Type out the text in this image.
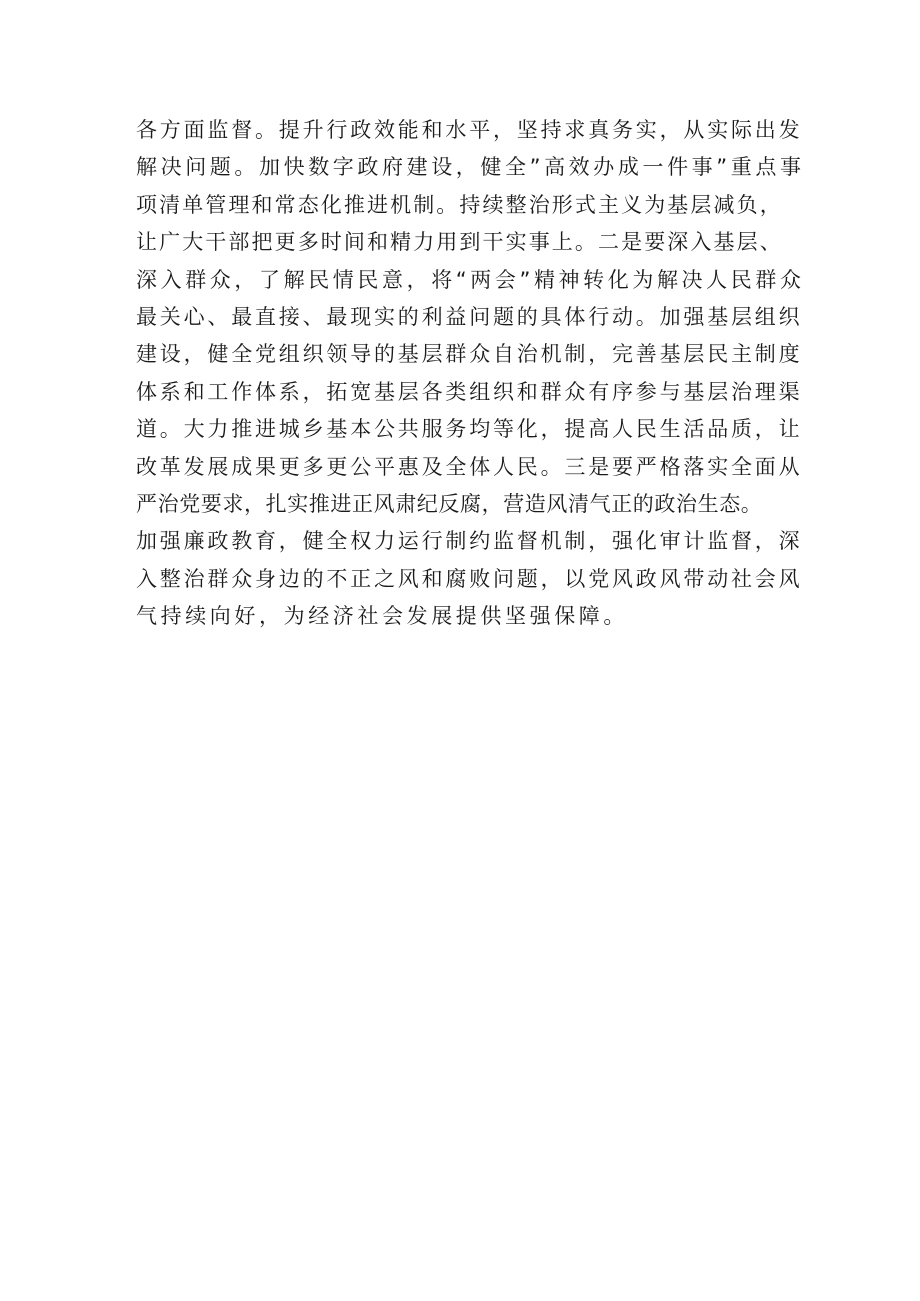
各方面监督。提升行政效能和水平，坚持求真务实，从实际出发
解决问题。加快数字政府建设，健全”高效办成一件事”重点事
项清单管理和常态化推进机制。持续整治形式主义为基层减负，
让广大干部把更多时间和精力用到干实事上。二是要深入基层、
深入群众，了解民情民意，将“两会”精神转化为解决人民群众
最关心、最直接、最现实的利益问题的具体行动。加强基层组织
建设，健全党组织领导的基层群众自治机制，完善基层民主制度
体系和工作体系，拓宽基层各类组织和群众有序参与基层治理渠
道。大力推进城乡基本公共服务均等化，提高人民生活品质，让
改革发展成果更多更公平惠及全体人民。三是要严格落实全面从
严治党要求，扎实推进正风肃纪反腐，营造风清气正的政治生态。
加强廉政教育，健全权力运行制约监督机制，强化审计监督，深
入整治群众身边的不正之风和腐败问题，以党风政风带动社会风
气持续向好，为经济社会发展提供坚强保障。
